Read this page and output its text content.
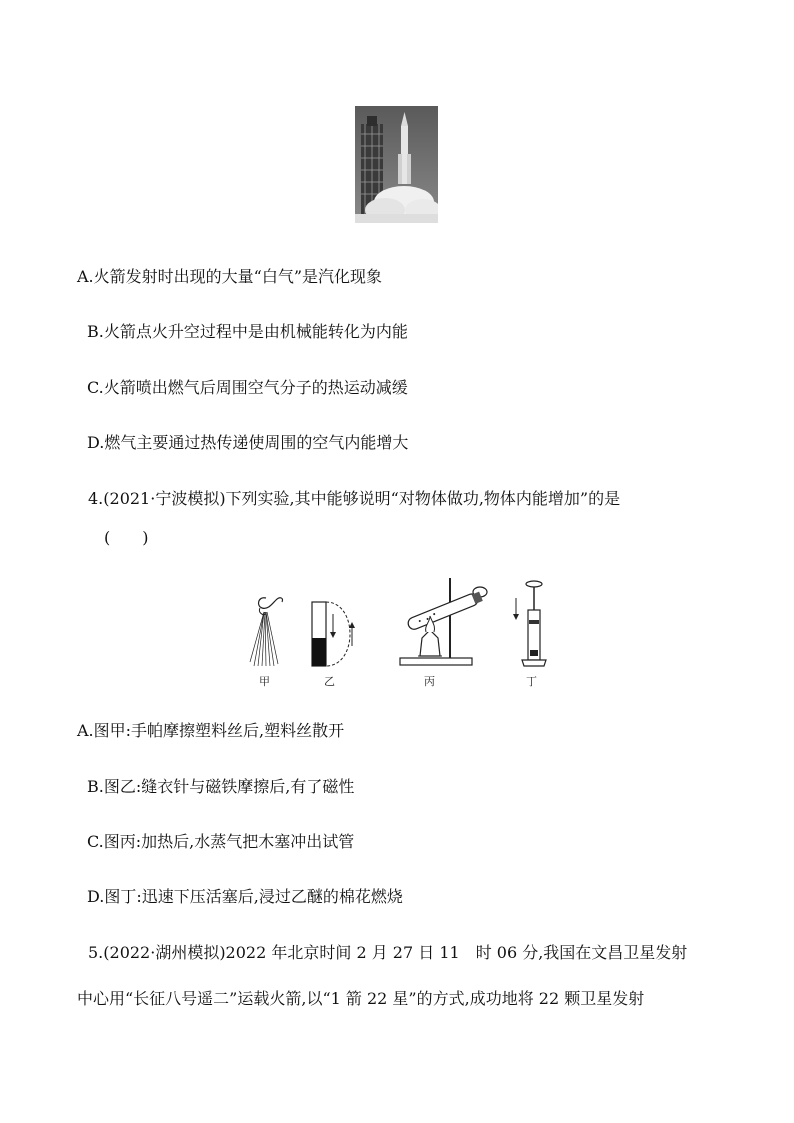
A.火箭发射时出现的大量“白气”是汽化现象
B.火箭点火升空过程中是由机械能转化为内能
C.火箭喷出燃气后周围空气分子的热运动减缓
D.燃气主要通过热传递使周围的空气内能增大
4.(2021·宁波模拟)下列实验,其中能够说明“对物体做功,物体内能增加”的是
(　　)
甲	乙	丙	丁
A.图甲:手帕摩擦塑料丝后,塑料丝散开
B.图乙:缝衣针与磁铁摩擦后,有了磁性
C.图丙:加热后,水蒸气把木塞冲出试管
D.图丁:迅速下压活塞后,浸过乙醚的棉花燃烧
5.(2022·湖州模拟)2022 年北京时间 2 月 27 日 11　时 06 分,我国在文昌卫星发射
中心用“长征八号遥二”运载火箭,以“1 箭 22 星”的方式,成功地将 22 颗卫星发射
